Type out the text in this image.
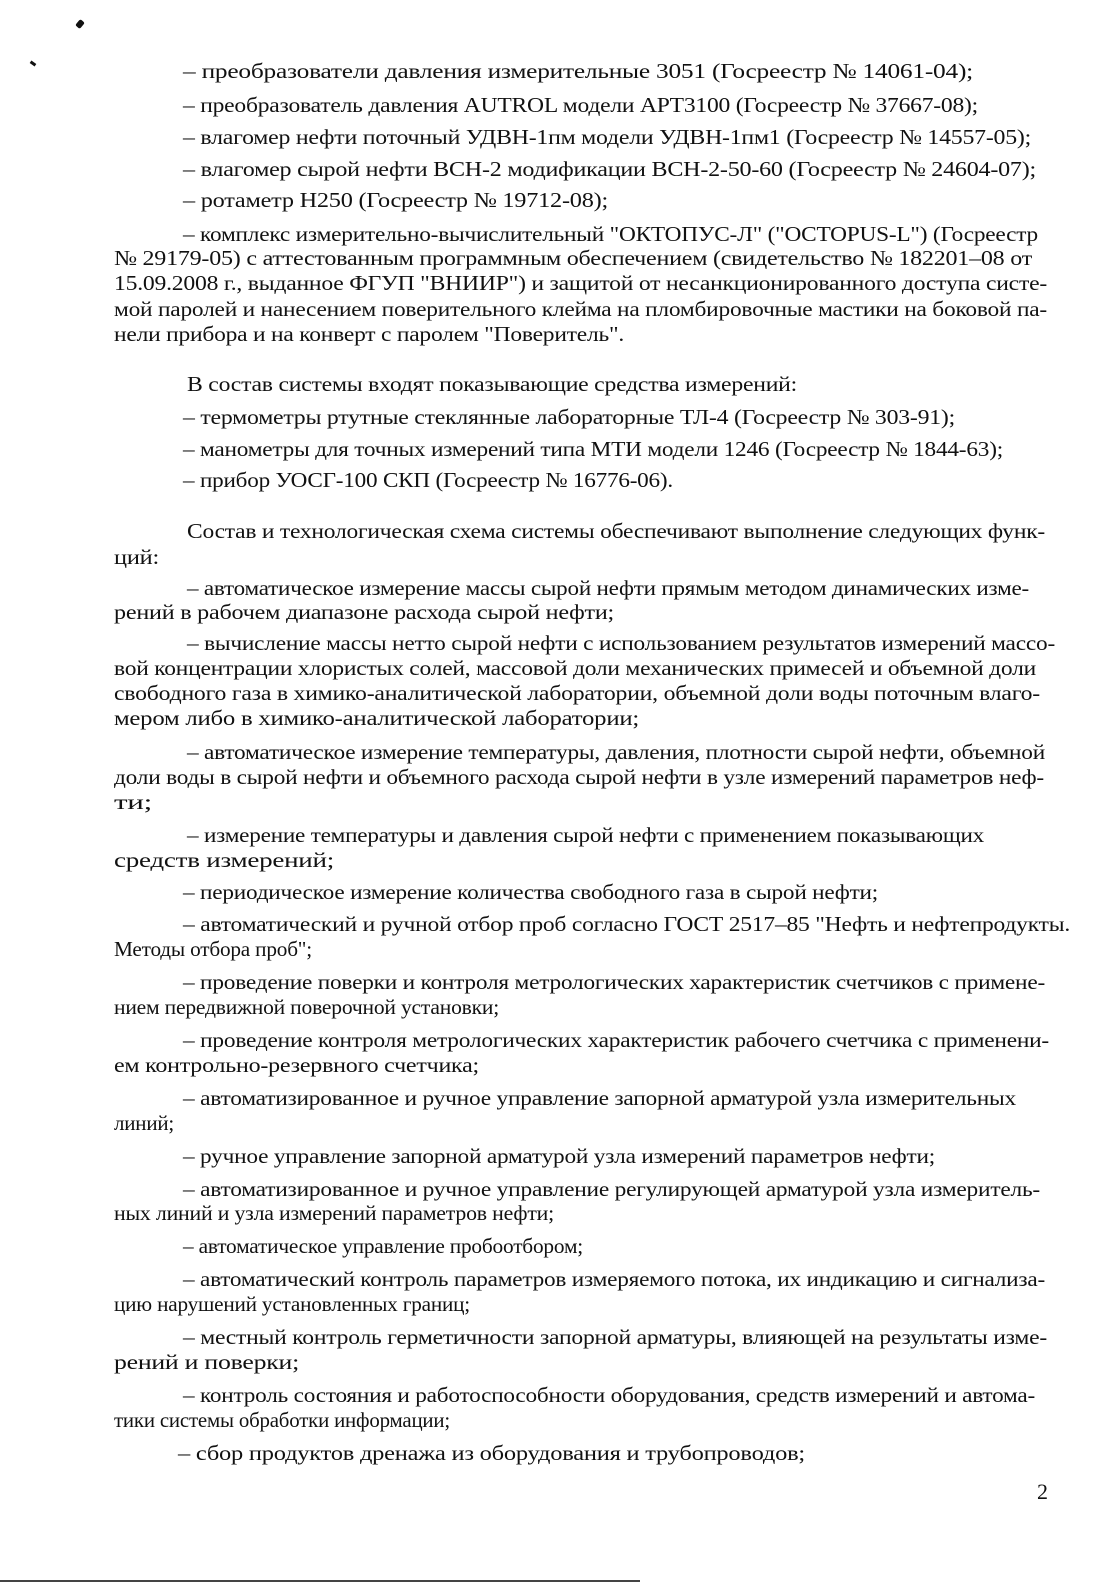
– преобразователи давления измерительные 3051 (Госреестр № 14061-04);
– преобразователь давления AUTROL модели APT3100 (Госреестр № 37667-08);
– влагомер нефти поточный УДВН-1пм модели УДВН-1пм1 (Госреестр № 14557-05);
– влагомер сырой нефти ВСН-2 модификации ВСН-2-50-60 (Госреестр № 24604-07);
– ротаметр Н250 (Госреестр № 19712-08);
– комплекс измерительно-вычислительный "ОКТОПУС-Л" ("OCTOPUS-L") (Госреестр
№ 29179-05) с аттестованным программным обеспечением (свидетельство № 182201–08 от
15.09.2008 г., выданное ФГУП "ВНИИР") и защитой от несанкционированного доступа систе-
мой паролей и нанесением поверительного клейма на пломбировочные мастики на боковой па-
нели прибора и на конверт с паролем "Поверитель".
В состав системы входят показывающие средства измерений:
– термометры ртутные стеклянные лабораторные ТЛ-4 (Госреестр № 303-91);
– манометры для точных измерений типа МТИ модели 1246 (Госреестр № 1844-63);
– прибор УОСГ-100 СКП (Госреестр № 16776-06).
Состав и технологическая схема системы обеспечивают выполнение следующих функ-
ций:
– автоматическое измерение массы сырой нефти прямым методом динамических изме-
рений в рабочем диапазоне расхода сырой нефти;
– вычисление массы нетто сырой нефти с использованием результатов измерений массо-
вой концентрации хлористых солей, массовой доли механических примесей и объемной доли
свободного газа в химико-аналитической лаборатории, объемной доли воды поточным влаго-
мером либо в химико-аналитической лаборатории;
– автоматическое измерение температуры, давления, плотности сырой нефти, объемной
доли воды в сырой нефти и объемного расхода сырой нефти в узле измерений параметров неф-
ти;
– измерение температуры и давления сырой нефти с применением показывающих
средств измерений;
– периодическое измерение количества свободного газа в сырой нефти;
– автоматический и ручной отбор проб согласно ГОСТ 2517–85 "Нефть и нефтепродукты.
Методы отбора проб";
– проведение поверки и контроля метрологических характеристик счетчиков с примене-
нием передвижной поверочной установки;
– проведение контроля метрологических характеристик рабочего счетчика с применени-
ем контрольно-резервного счетчика;
– автоматизированное и ручное управление запорной арматурой узла измерительных
линий;
– ручное управление запорной арматурой узла измерений параметров нефти;
– автоматизированное и ручное управление регулирующей арматурой узла измеритель-
ных линий и узла измерений параметров нефти;
– автоматическое управление пробоотбором;
– автоматический контроль параметров измеряемого потока, их индикацию и сигнализа-
цию нарушений установленных границ;
– местный контроль герметичности запорной арматуры, влияющей на результаты изме-
рений и поверки;
– контроль состояния и работоспособности оборудования, средств измерений и автома-
тики системы обработки информации;
– сбор продуктов дренажа из оборудования и трубопроводов;
2
